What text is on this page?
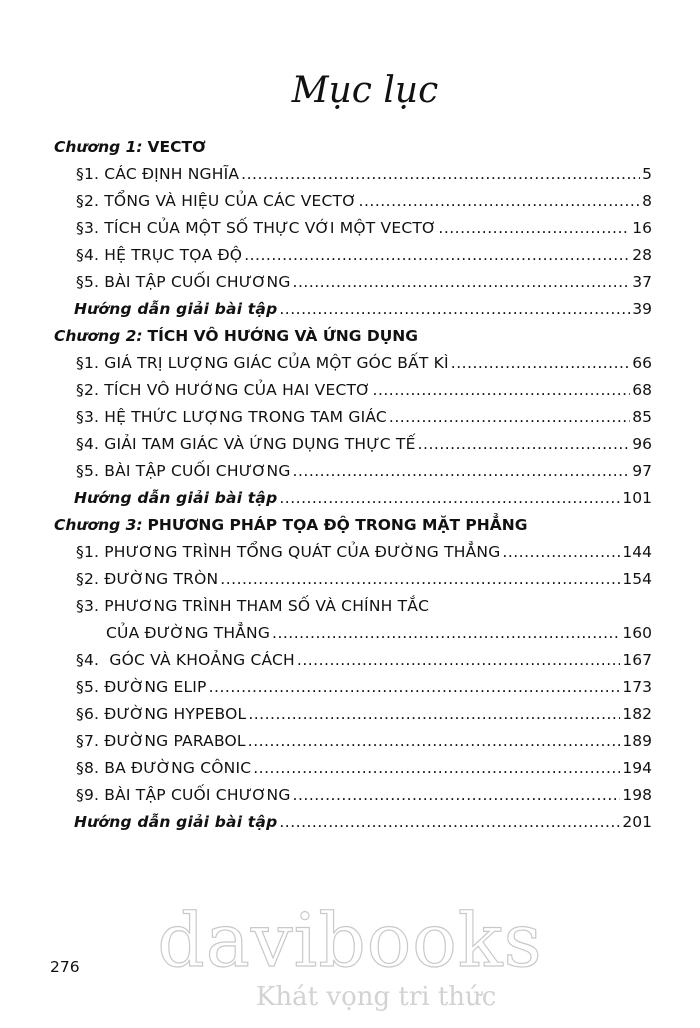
Mục lục
Chương 1: VECTƠ
§1. CÁC ĐỊNH NGHĨA .....	5
§2. TỔNG VÀ HIỆU CỦA CÁC VECTƠ .....	8
§3. TÍCH CỦA MỘT SỐ THỰC VỚI MỘT VECTƠ .....	16
§4. HỆ TRỤC TỌA ĐỘ .....	28
§5. BÀI TẬP CUỐI CHƯƠNG .....	37
Hướng dẫn giải bài tập .....	39
Chương 2: TÍCH VÔ HƯỚNG VÀ ỨNG DỤNG
§1. GIÁ TRỊ LƯỢNG GIÁC CỦA MỘT GÓC BẤT KÌ .....	66
§2. TÍCH VÔ HƯỚNG CỦA HAI VECTƠ .....	68
§3. HỆ THỨC LƯỢNG TRONG TAM GIÁC .....	85
§4. GIẢI TAM GIÁC VÀ ỨNG DỤNG THỰC TẾ .....	96
§5. BÀI TẬP CUỐI CHƯƠNG .....	97
Hướng dẫn giải bài tập .....	101
Chương 3: PHƯƠNG PHÁP TỌA ĐỘ TRONG MẶT PHẲNG
§1. PHƯƠNG TRÌNH TỔNG QUÁT CỦA ĐƯỜNG THẲNG .....	144
§2. ĐƯỜNG TRÒN .....	154
§3. PHƯƠNG TRÌNH THAM SỐ VÀ CHÍNH TẮC
CỦA ĐƯỜNG THẲNG .....	160
§4.  GÓC VÀ KHOẢNG CÁCH .....	167
§5. ĐƯỜNG ELIP .....	173
§6. ĐƯỜNG HYPEBOL .....	182
§7. ĐƯỜNG PARABOL .....	189
§8. BA ĐƯỜNG CÔNIC .....	194
§9. BÀI TẬP CUỐI CHƯƠNG .....	198
Hướng dẫn giải bài tập .....	201
davibooks
Khát vọng tri thức
276
